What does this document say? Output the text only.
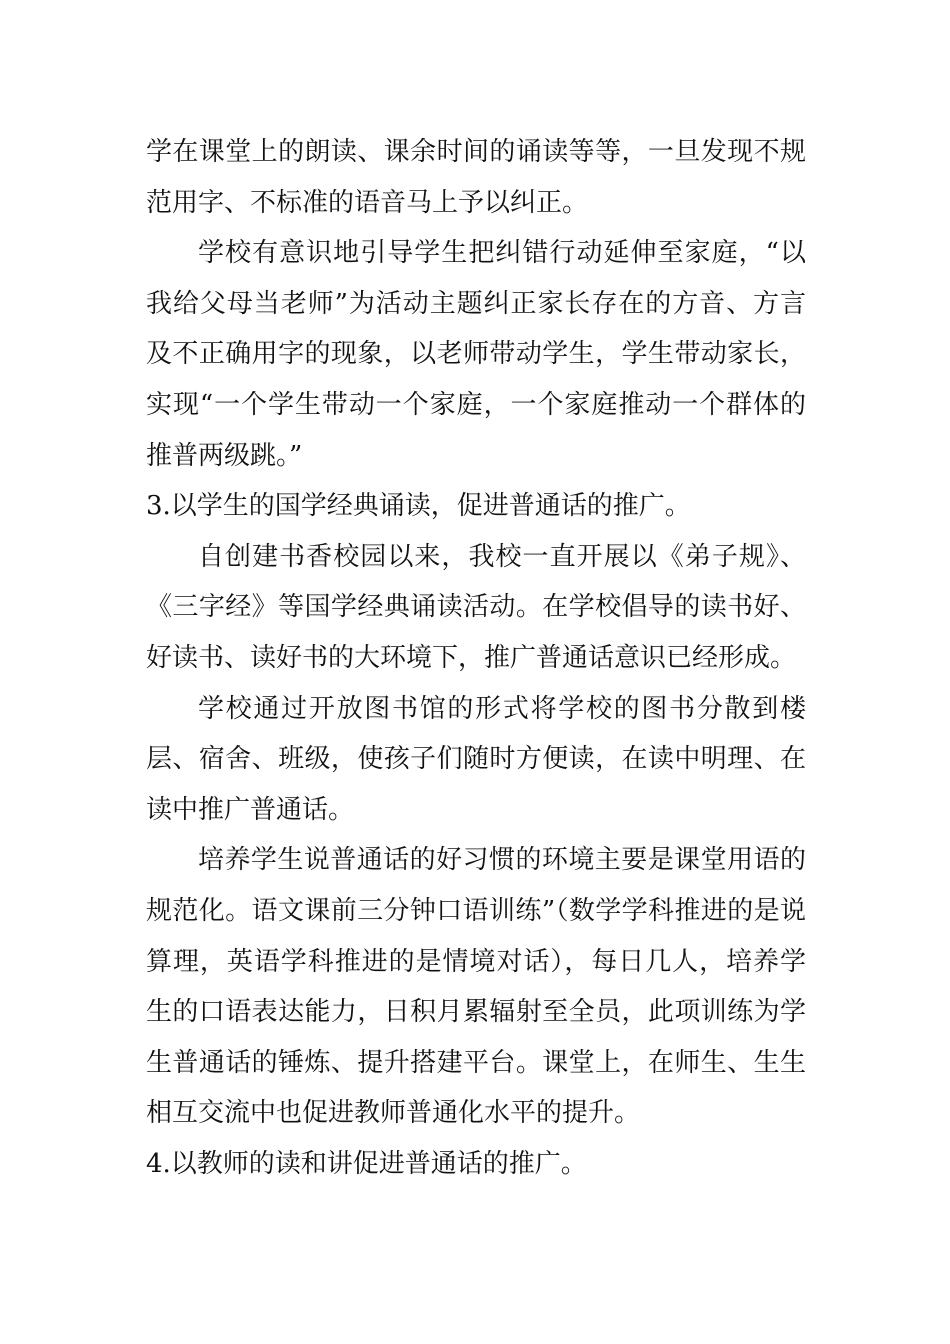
学在课堂上的朗读、课余时间的诵读等等，一旦发现不规范用字、不标准的语音马上予以纠正。

学校有意识地引导学生把纠错行动延伸至家庭，“以我给父母当老师”为活动主题纠正家长存在的方音、方言及不正确用字的现象，以老师带动学生，学生带动家长，实现“一个学生带动一个家庭，一个家庭推动一个群体的推普两级跳。”

3.以学生的国学经典诵读，促进普通话的推广。

自创建书香校园以来，我校一直开展以《弟子规》、《三字经》等国学经典诵读活动。在学校倡导的读书好、好读书、读好书的大环境下，推广普通话意识已经形成。

学校通过开放图书馆的形式将学校的图书分散到楼层、宿舍、班级，使孩子们随时方便读，在读中明理、在读中推广普通话。

培养学生说普通话的好习惯的环境主要是课堂用语的规范化。语文课前三分钟口语训练”（数学学科推进的是说算理，英语学科推进的是情境对话），每日几人，培养学生的口语表达能力，日积月累辐射至全员，此项训练为学生普通话的锤炼、提升搭建平台。课堂上，在师生、生生相互交流中也促进教师普通化水平的提升。

4.以教师的读和讲促进普通话的推广。
